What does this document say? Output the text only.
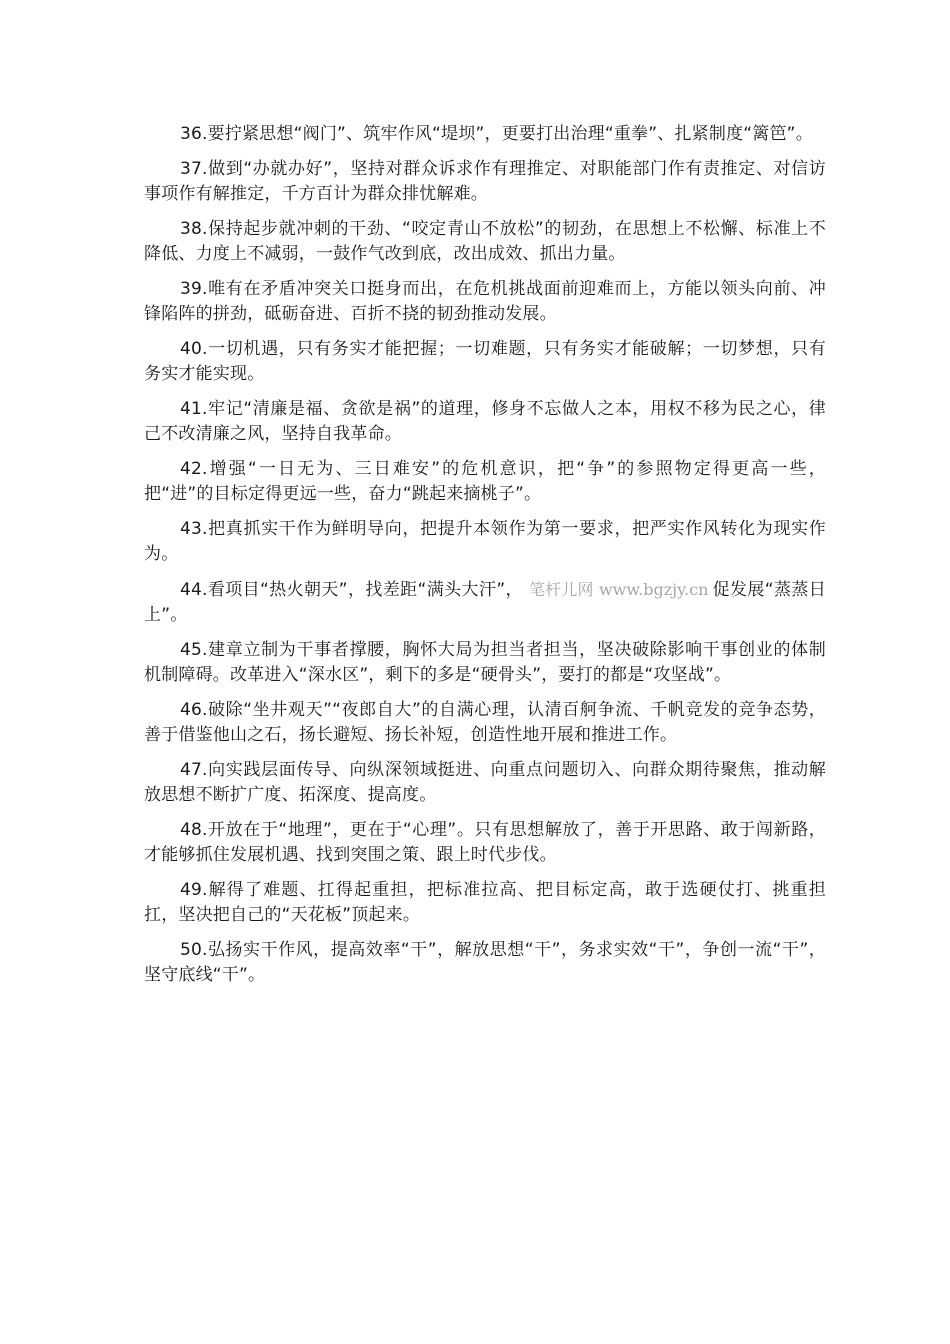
36.要拧紧思想“阀门”、筑牢作风“堤坝”，更要打出治理“重拳”、扎紧制度“篱笆”。

37.做到“办就办好”，坚持对群众诉求作有理推定、对职能部门作有责推定、对信访事项作有解推定，千方百计为群众排忧解难。

38.保持起步就冲刺的干劲、“咬定青山不放松”的韧劲，在思想上不松懈、标准上不降低、力度上不减弱，一鼓作气改到底，改出成效、抓出力量。

39.唯有在矛盾冲突关口挺身而出，在危机挑战面前迎难而上，方能以领头向前、冲锋陷阵的拼劲，砥砺奋进、百折不挠的韧劲推动发展。

40.一切机遇，只有务实才能把握；一切难题，只有务实才能破解；一切梦想，只有务实才能实现。

41.牢记“清廉是福、贪欲是祸”的道理，修身不忘做人之本，用权不移为民之心，律己不改清廉之风，坚持自我革命。

42.增强“一日无为、三日难安”的危机意识，把“争”的参照物定得更高一些，把“进”的目标定得更远一些，奋力“跳起来摘桃子”。

43.把真抓实干作为鲜明导向，把提升本领作为第一要求，把严实作风转化为现实作为。

44.看项目“热火朝天”，找差距“满头大汗”， 笔杆儿网 www.bgzjy.cn 促发展“蒸蒸日上”。

45.建章立制为干事者撑腰，胸怀大局为担当者担当，坚决破除影响干事创业的体制机制障碍。改革进入“深水区”，剩下的多是“硬骨头”，要打的都是“攻坚战”。

46.破除“坐井观天”“夜郎自大”的自满心理，认清百舸争流、千帆竞发的竞争态势，善于借鉴他山之石，扬长避短、扬长补短，创造性地开展和推进工作。

47.向实践层面传导、向纵深领域挺进、向重点问题切入、向群众期待聚焦，推动解放思想不断扩广度、拓深度、提高度。

48.开放在于“地理”，更在于“心理”。只有思想解放了，善于开思路、敢于闯新路，才能够抓住发展机遇、找到突围之策、跟上时代步伐。

49.解得了难题、扛得起重担，把标准拉高、把目标定高，敢于选硬仗打、挑重担扛，坚决把自己的“天花板”顶起来。

50.弘扬实干作风，提高效率“干”，解放思想“干”，务求实效“干”，争创一流“干”，坚守底线“干”。
